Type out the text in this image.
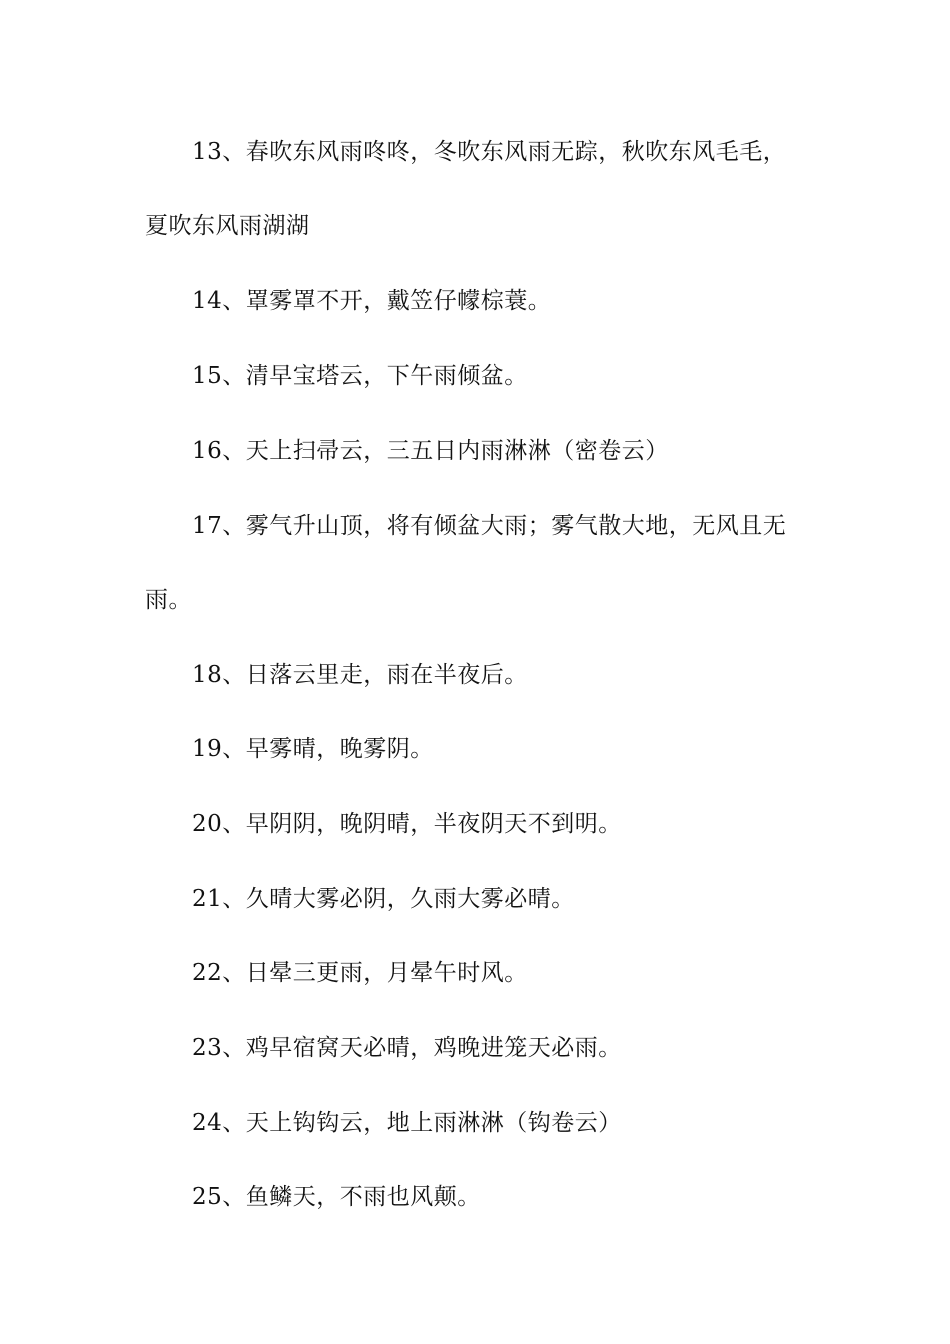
13、春吹东风雨咚咚，冬吹东风雨无踪，秋吹东风毛毛，
夏吹东风雨湖湖
14、罩雾罩不开，戴笠仔幪棕蓑。
15、清早宝塔云，下午雨倾盆。
16、天上扫帚云，三五日内雨淋淋（密卷云）
17、雾气升山顶，将有倾盆大雨；雾气散大地，无风且无
雨。
18、日落云里走，雨在半夜后。
19、早雾晴，晚雾阴。
20、早阴阴，晚阴晴，半夜阴天不到明。
21、久晴大雾必阴，久雨大雾必晴。
22、日晕三更雨，月晕午时风。
23、鸡早宿窝天必晴，鸡晚进笼天必雨。
24、天上钩钩云，地上雨淋淋（钩卷云）
25、鱼鳞天，不雨也风颠。
